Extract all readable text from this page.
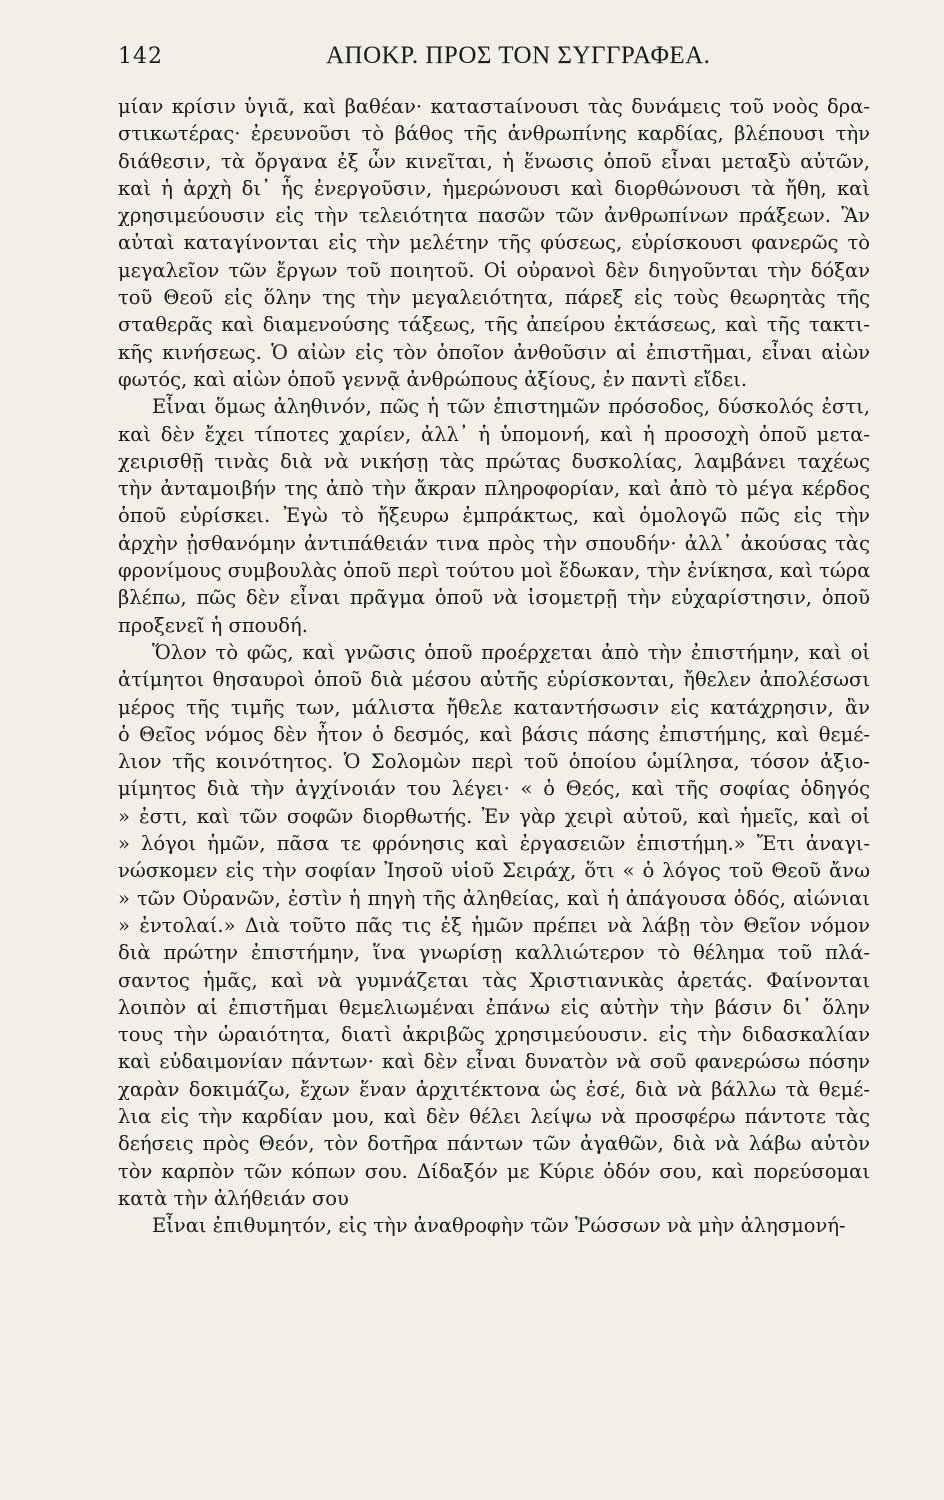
142	ΑΠΟΚΡ. ΠΡΟΣ ΤΟΝ ΣΥΓΓΡΑΦΕΑ.
μίαν κρίσιν ὑγιᾶ, καὶ βαθέαν· καταστaίνουσι τὰς δυνάμεις τοῦ νοὸς δρα-
στικωτέρας· ἐρευνοῦσι τὸ βάθος τῆς ἀνθρωπίνης καρδίας, βλέπουσι τὴν
διάθεσιν, τὰ ὄργανα ἐξ ὧν κινεῖται, ἡ ἕνωσις ὁποῦ εἶναι μεταξὺ αὐτῶν,
καὶ ἡ ἀρχὴ δι᾽ ἧς ἐνεργοῦσιν, ἡμερώνουσι καὶ διορθώνουσι τὰ ἤθη, καὶ
χρησιμεύουσιν εἰς τὴν τελειότητα πασῶν τῶν ἀνθρωπίνων πράξεων. Ἂν
αὐταὶ καταγίνονται εἰς τὴν μελέτην τῆς φύσεως, εὑρίσκουσι φανερῶς τὸ
μεγαλεῖον τῶν ἔργων τοῦ ποιητοῦ. Οἱ οὐρανοὶ δὲν διηγοῦνται τὴν δόξαν
τοῦ Θεοῦ εἰς ὅλην της τὴν μεγαλειότητα, πάρεξ εἰς τοὺς θεωρητὰς τῆς
σταθερᾶς καὶ διαμενούσης τάξεως, τῆς ἀπείρου ἐκτάσεως, καὶ τῆς τακτι-
κῆς κινήσεως. Ὁ αἰὼν εἰς τὸν ὁποῖον ἀνθοῦσιν αἱ ἐπιστῆμαι, εἶναι αἰὼν
φωτός, καὶ αἰὼν ὁποῦ γεννᾷ ἀνθρώπους ἀξίους, ἐν παντὶ εἴδει.
Εἶναι ὅμως ἀληθινόν, πῶς ἡ τῶν ἐπιστημῶν πρόσοδος, δύσκολός ἐστι,
καὶ δὲν ἔχει τίποτες χαρίεν, ἀλλ᾽ ἡ ὑπομονή, καὶ ἡ προσοχὴ ὁποῦ μετα-
χειρισθῇ τινὰς διὰ νὰ νικήσῃ τὰς πρώτας δυσκολίας, λαμβάνει ταχέως
τὴν ἀνταμοιβήν της ἀπὸ τὴν ἄκραν πληροφορίαν, καὶ ἀπὸ τὸ μέγα κέρδος
ὁποῦ εὑρίσκει. Ἐγὼ τὸ ἤξευρω ἐμπράκτως, καὶ ὁμολογῶ πῶς εἰς τὴν
ἀρχὴν ᾐσθανόμην ἀντιπάθειάν τινα πρὸς τὴν σπουδήν· ἀλλ᾽ ἀκούσας τὰς
φρονίμους συμβουλὰς ὁποῦ περὶ τούτου μοὶ ἔδωκαν, τὴν ἐνίκησα, καὶ τώρα
βλέπω, πῶς δὲν εἶναι πρᾶγμα ὁποῦ νὰ ἰσομετρῇ τὴν εὐχαρίστησιν, ὁποῦ
προξενεῖ ἡ σπουδή.
Ὅλον τὸ φῶς, καὶ γνῶσις ὁποῦ προέρχεται ἀπὸ τὴν ἐπιστήμην, καὶ οἱ
ἀτίμητοι θησαυροὶ ὁποῦ διὰ μέσου αὐτῆς εὑρίσκονται, ἤθελεν ἀπολέσωσι
μέρος τῆς τιμῆς των, μάλιστα ἤθελε καταντήσωσιν εἰς κατάχρησιν, ἂν
ὁ Θεῖος νόμος δὲν ἦτον ὁ δεσμός, καὶ βάσις πάσης ἐπιστήμης, καὶ θεμέ-
λιον τῆς κοινότητος. Ὁ Σολομὼν περὶ τοῦ ὁποίου ὡμίλησα, τόσον ἀξιο-
μίμητος διὰ τὴν ἀγχίνοιάν του λέγει· « ὁ Θεός, καὶ τῆς σοφίας ὁδηγός
» ἐστι, καὶ τῶν σοφῶν διορθωτής. Ἐν γὰρ χειρὶ αὐτοῦ, καὶ ἡμεῖς, καὶ οἱ
» λόγοι ἡμῶν, πᾶσα τε φρόνησις καὶ ἐργασειῶν ἐπιστήμη.» Ἔτι ἀναγι-
νώσκομεν εἰς τὴν σοφίαν Ἰησοῦ υἱοῦ Σειράχ, ὅτι « ὁ λόγος τοῦ Θεοῦ ἄνω
» τῶν Οὐρανῶν, ἐστὶν ἡ πηγὴ τῆς ἀληθείας, καὶ ἡ ἀπάγουσα ὁδός, αἰώνιαι
» ἐντολαί.» Διὰ τοῦτο πᾶς τις ἐξ ἡμῶν πρέπει νὰ λάβῃ τὸν Θεῖον νόμον
διὰ πρώτην ἐπιστήμην, ἵνα γνωρίσῃ καλλιώτερον τὸ θέλημα τοῦ πλά-
σαντος ἡμᾶς, καὶ νὰ γυμνάζεται τὰς Χριστιανικὰς ἀρετάς. Φαίνονται
λοιπὸν αἱ ἐπιστῆμαι θεμελιωμέναι ἐπάνω εἰς αὐτὴν τὴν βάσιν δι᾽ ὅλην
τους τὴν ὡραιότητα, διατὶ ἀκριβῶς χρησιμεύουσιν. εἰς τὴν διδασκαλίαν
καὶ εὐδαιμονίαν πάντων· καὶ δὲν εἶναι δυνατὸν νὰ σοῦ φανερώσω πόσην
χαρὰν δοκιμάζω, ἔχων ἕναν ἀρχιτέκτονα ὡς ἐσέ, διὰ νὰ βάλλω τὰ θεμέ-
λια εἰς τὴν καρδίαν μου, καὶ δὲν θέλει λείψω νὰ προσφέρω πάντοτε τὰς
δεήσεις πρὸς Θεόν, τὸν δοτῆρα πάντων τῶν ἀγαθῶν, διὰ νὰ λάβω αὐτὸν
τὸν καρπὸν τῶν κόπων σου. Δίδαξόν με Κύριε ὁδόν σου, καὶ πορεύσομαι
κατὰ τὴν ἀλήθειάν σου
Εἶναι ἐπιθυμητόν, εἰς τὴν ἀναθροφὴν τῶν Ῥώσσων νὰ μὴν ἀλησμονή-
